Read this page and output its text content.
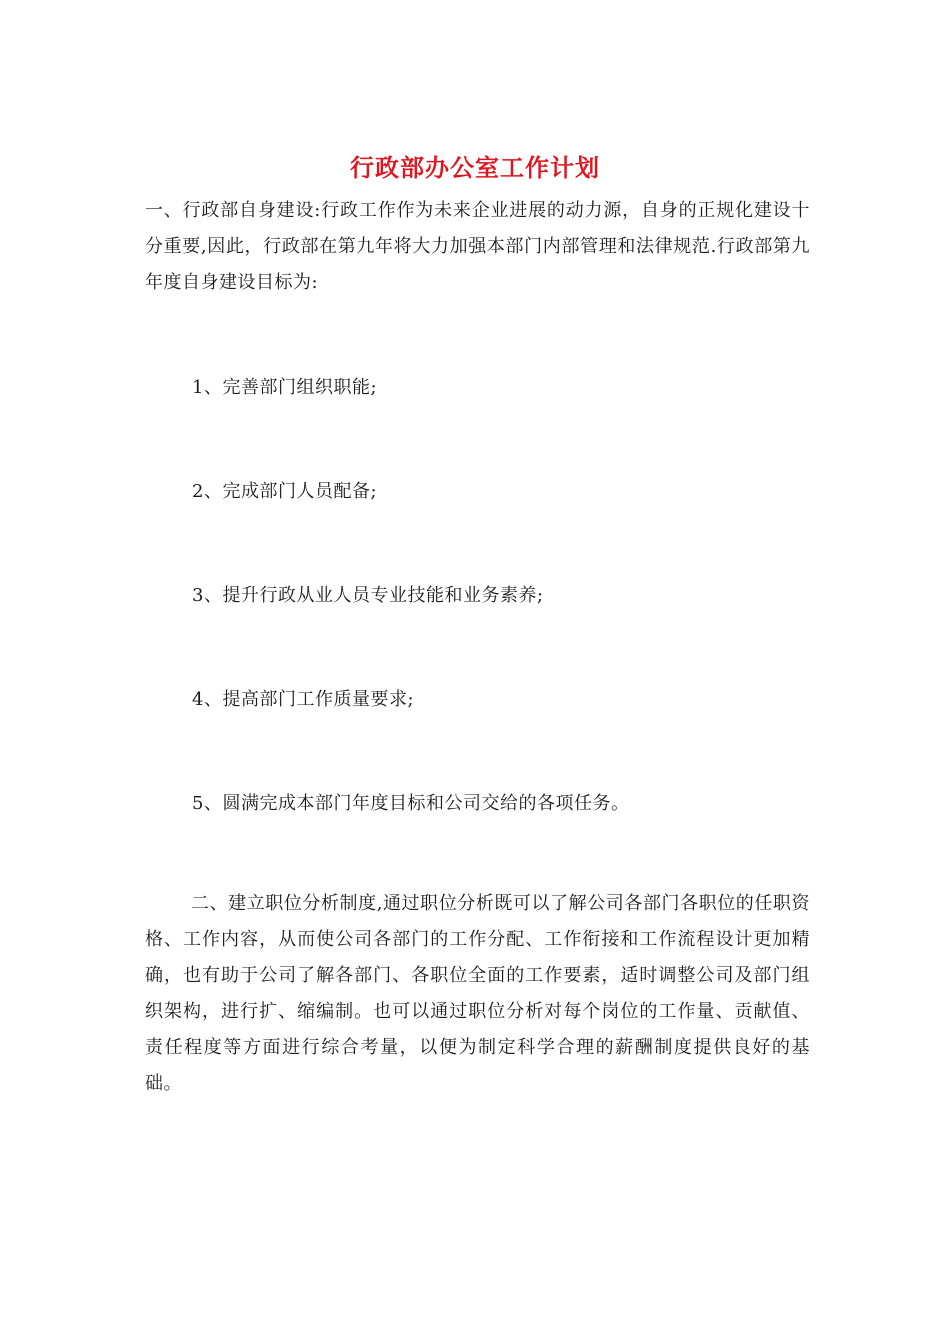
行政部办公室工作计划
一、行政部自身建设:行政工作作为未来企业进展的动力源，自身的正规化建设十分重要,因此，行政部在第九年将大力加强本部门内部管理和法律规范.行政部第九年度自身建设目标为:
1、完善部门组织职能;
2、完成部门人员配备;
3、提升行政从业人员专业技能和业务素养;
4、提高部门工作质量要求;
5、圆满完成本部门年度目标和公司交给的各项任务。
二、建立职位分析制度,通过职位分析既可以了解公司各部门各职位的任职资格、工作内容，从而使公司各部门的工作分配、工作衔接和工作流程设计更加精确，也有助于公司了解各部门、各职位全面的工作要素，适时调整公司及部门组织架构，进行扩、缩编制。也可以通过职位分析对每个岗位的工作量、贡献值、责任程度等方面进行综合考量，以便为制定科学合理的薪酬制度提供良好的基础。
